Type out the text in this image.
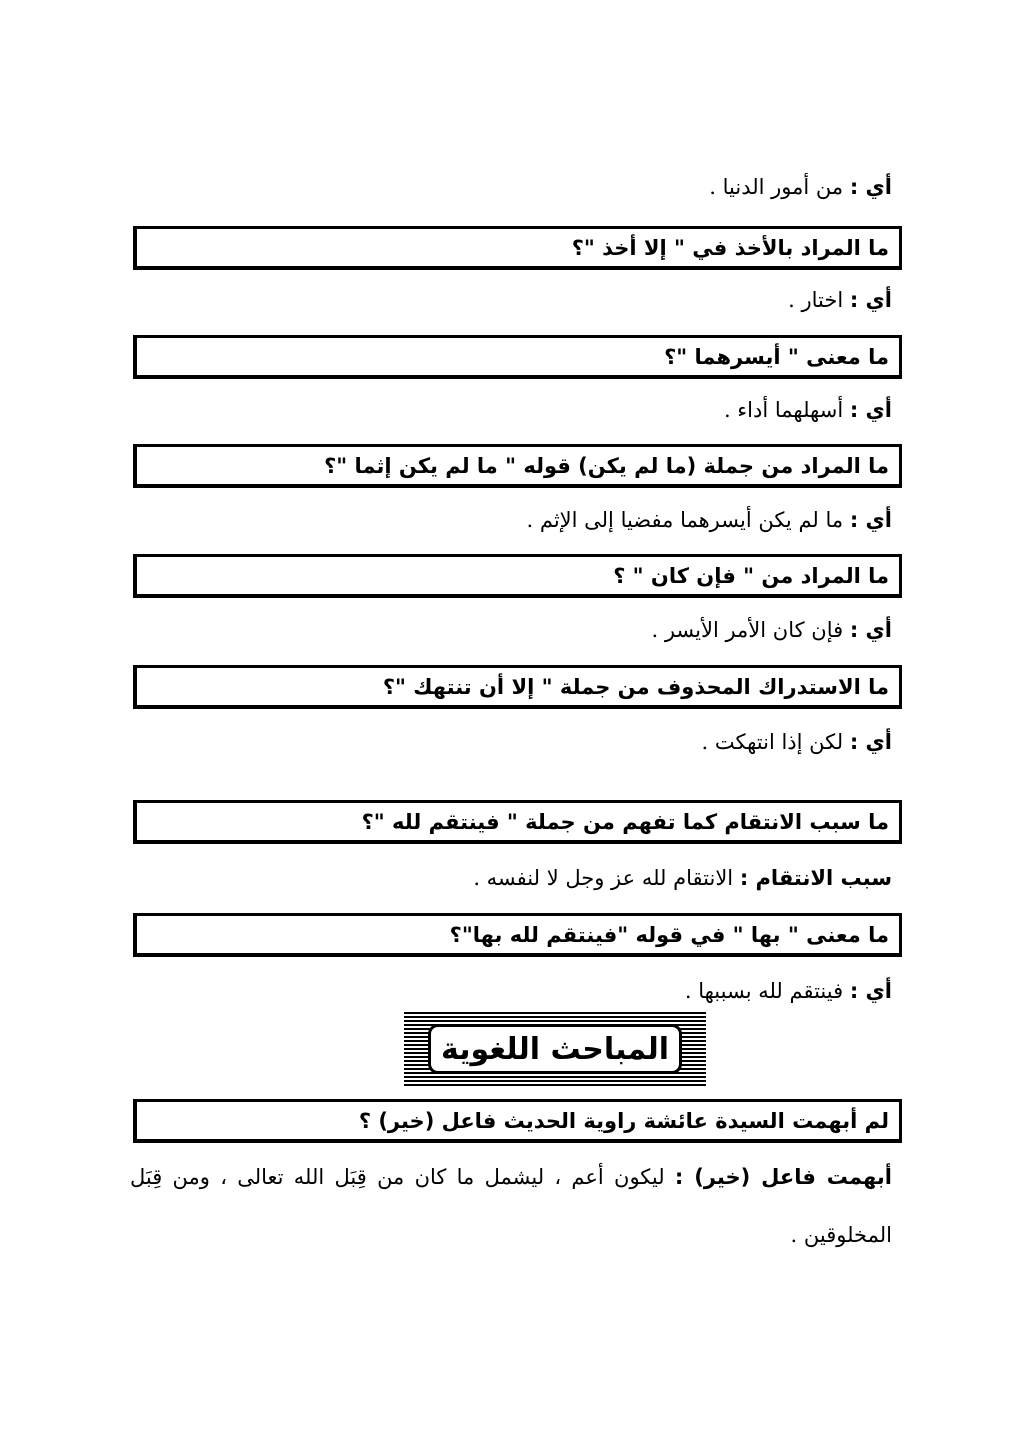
أي : من أمور الدنيا .
ما المراد بالأخذ في " إلا أخذ "؟
أي : اختار .
ما معنى " أيسرهما "؟
أي : أسهلهما أداء .
ما المراد من جملة (ما لم يكن) قوله " ما لم يكن إثما "؟
أي : ما لم يكن أيسرهما مفضيا إلى الإثم .
ما المراد من " فإن كان " ؟
أي : فإن كان الأمر الأيسر .
ما الاستدراك المحذوف من جملة " إلا أن تنتهك "؟
أي : لكن إذا انتهكت .
ما سبب الانتقام كما تفهم من جملة " فينتقم لله "؟
سبب الانتقام : الانتقام لله عز وجل لا لنفسه .
ما معنى " بها " في قوله "فينتقم لله بها"؟
أي : فينتقم لله بسببها .
المباحث اللغوية
لم أبهمت السيدة عائشة راوية الحديث فاعل (خير) ؟
أبهمت فاعل (خير) : ليكون أعم ، ليشمل ما كان من قِبَل الله تعالى ، ومن قِبَل
المخلوقين .
